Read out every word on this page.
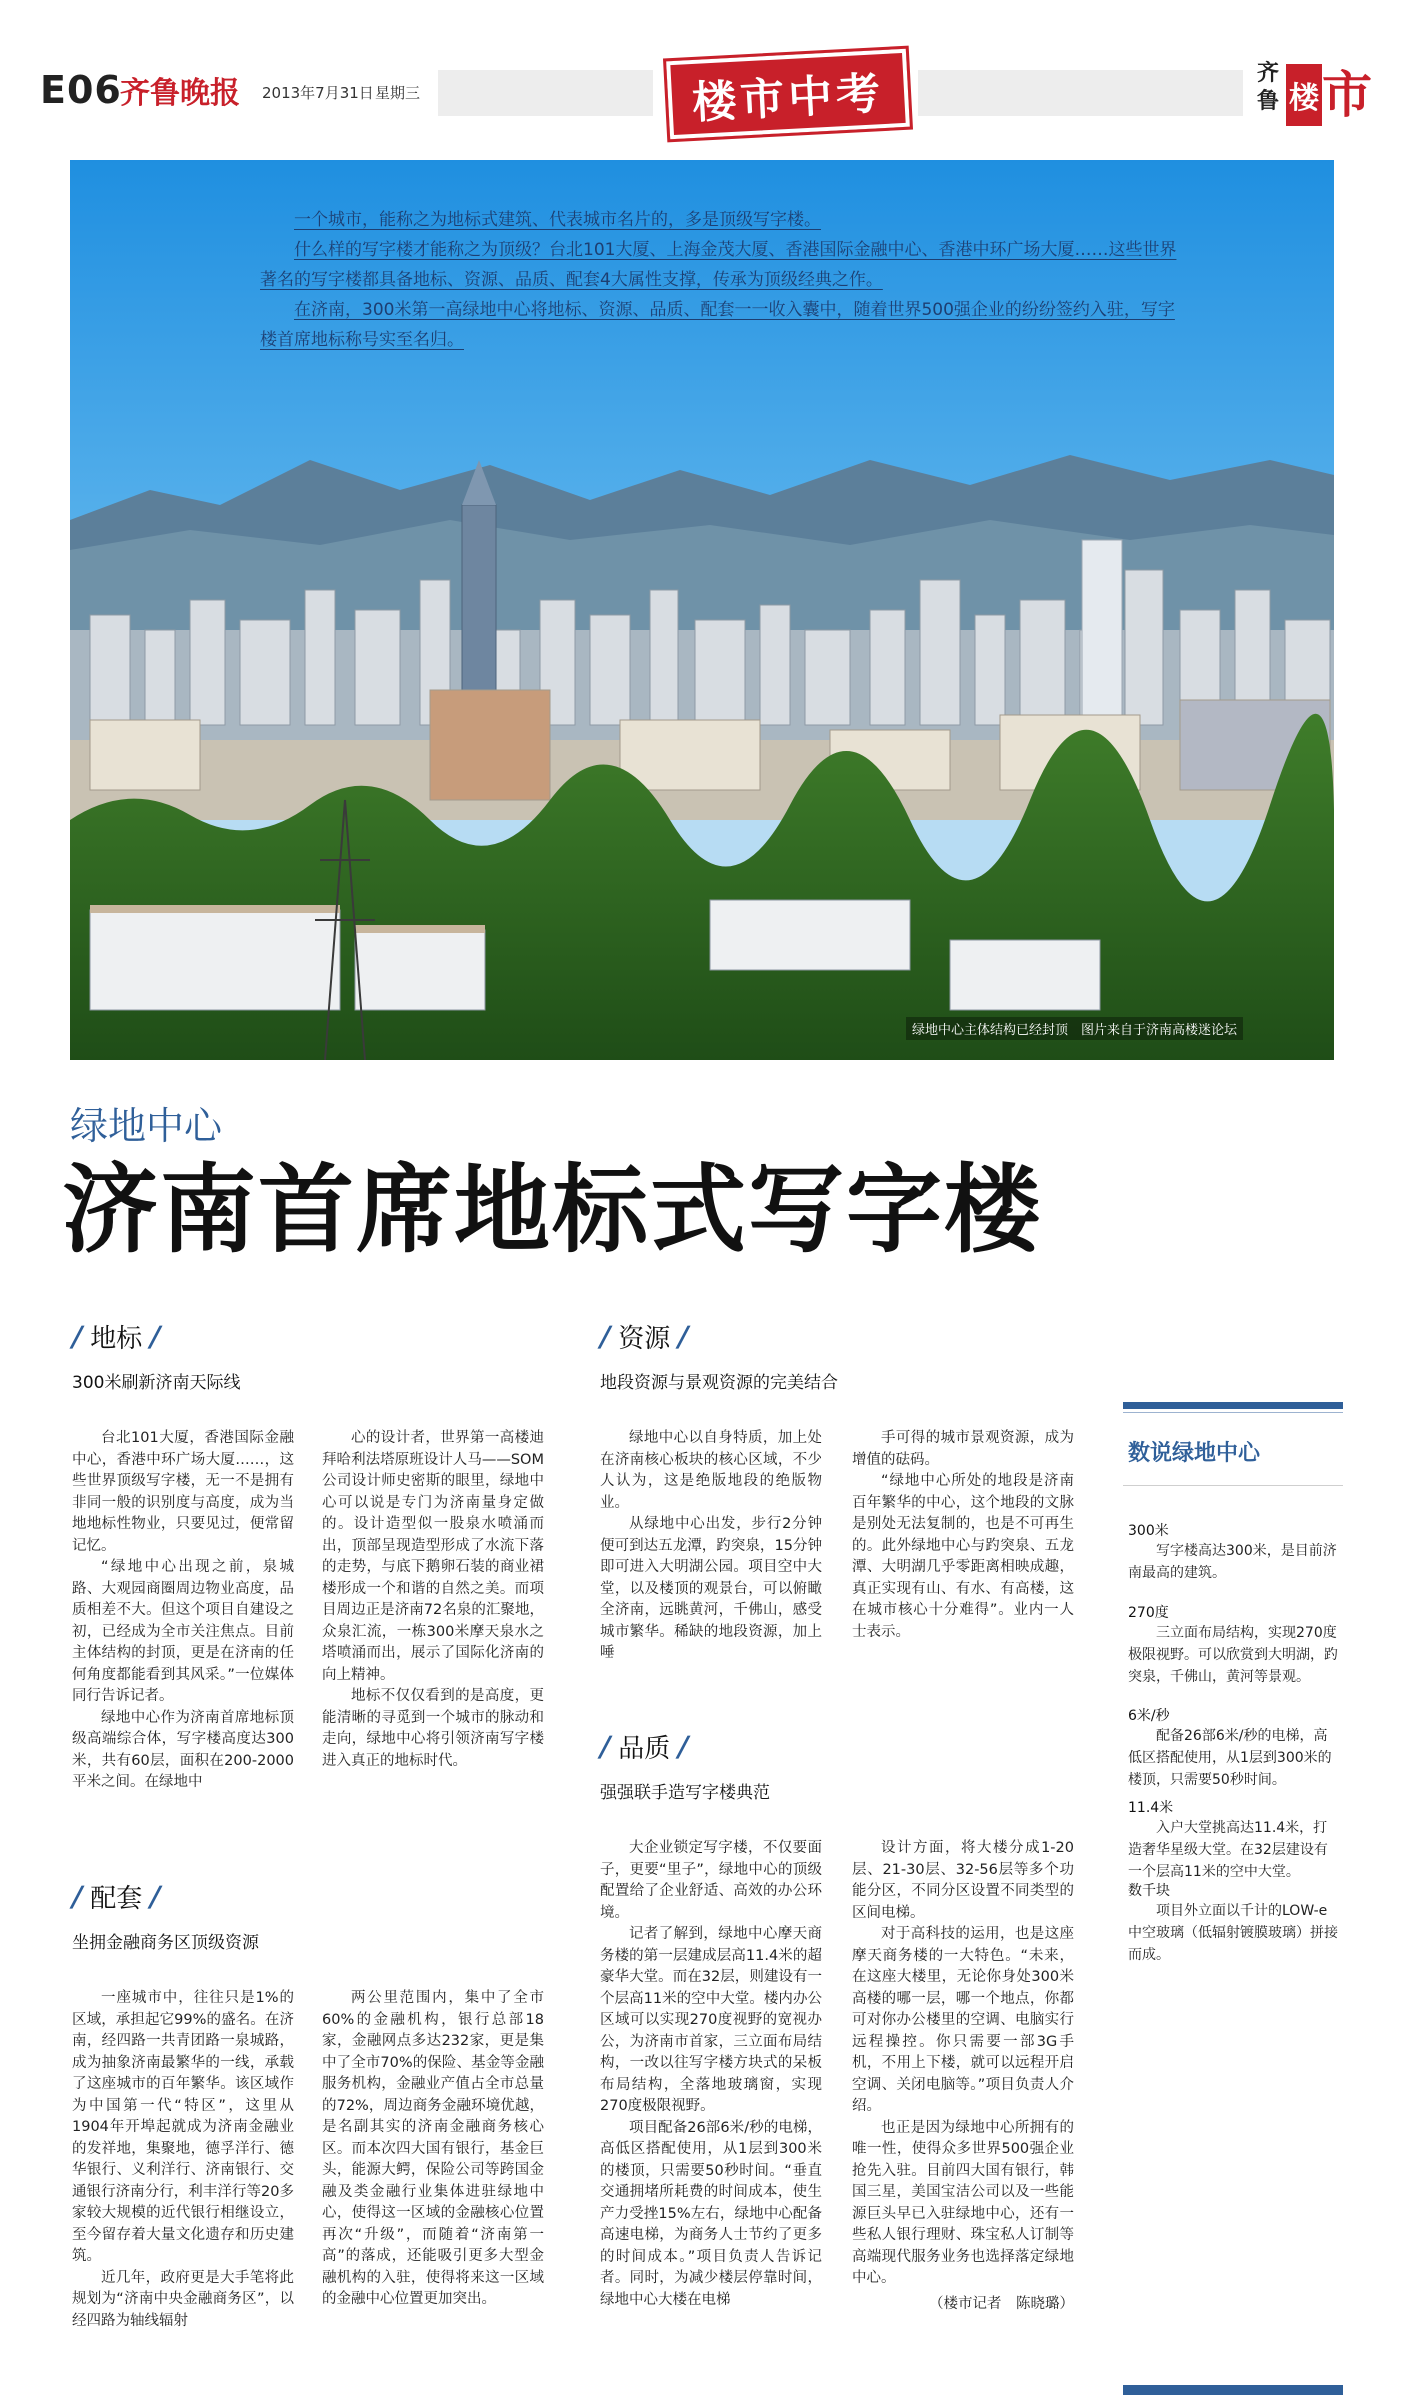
E06
齐鲁晚报 2013年7月31日 星期三	楼市中考	齐鲁 楼 市

一个城市，能称之为地标式建筑、代表城市名片的，多是顶级写字楼。

什么样的写字楼才能称之为顶级？台北101大厦、上海金茂大厦、香港国际金融中心、香港中环广场大厦……这些世界著名的写字楼都具备地标、资源、品质、配套4大属性支撑，传承为顶级经典之作。

在济南，300米第一高绿地中心将地标、资源、品质、配套一一收入囊中，随着世界500强企业的纷纷签约入驻，写字楼首席地标称号实至名归。

绿地中心主体结构已经封顶　图片来自于济南高楼迷论坛
绿地中心
济南首席地标式写字楼
/ 地标 /
300米刷新济南天际线

台北101大厦，香港国际金融中心，香港中环广场大厦……，这些世界顶级写字楼，无一不是拥有非同一般的识别度与高度，成为当地地标性物业，只要见过，便常留记忆。

“绿地中心出现之前，泉城路、大观园商圈周边物业高度，品质相差不大。但这个项目自建设之初，已经成为全市关注焦点。目前主体结构的封顶，更是在济南的任何角度都能看到其风采。”一位媒体同行告诉记者。

绿地中心作为济南首席地标顶级高端综合体，写字楼高度达300米，共有60层，面积在200-2000平米之间。在绿地中

心的设计者，世界第一高楼迪拜哈利法塔原班设计人马——SOM公司设计师史密斯的眼里，绿地中心可以说是专门为济南量身定做的。设计造型似一股泉水喷涌而出，顶部呈现造型形成了水流下落的走势，与底下鹅卵石装的商业裙楼形成一个和谐的自然之美。而项目周边正是济南72名泉的汇聚地，众泉汇流，一栋300米摩天泉水之塔喷涌而出，展示了国际化济南的向上精神。

地标不仅仅看到的是高度，更能清晰的寻觅到一个城市的脉动和走向，绿地中心将引领济南写字楼进入真正的地标时代。

/ 配套 /
坐拥金融商务区顶级资源

一座城市中，往往只是1%的区域，承担起它99%的盛名。在济南，经四路一共青团路一泉城路，成为抽象济南最繁华的一线，承载了这座城市的百年繁华。该区域作为中国第一代“特区”，这里从1904年开埠起就成为济南金融业的发祥地，集聚地，德孚洋行、德华银行、义利洋行、济南银行、交通银行济南分行，利丰洋行等20多家较大规模的近代银行相继设立，至今留存着大量文化遗存和历史建筑。

近几年，政府更是大手笔将此规划为“济南中央金融商务区”，以经四路为轴线辐射

两公里范围内，集中了全市60%的金融机构，银行总部18家，金融网点多达232家，更是集中了全市70%的保险、基金等金融服务机构，金融业产值占全市总量的72%，周边商务金融环境优越，是名副其实的济南金融商务核心区。而本次四大国有银行，基金巨头，能源大鳄，保险公司等跨国金融及类金融行业集体进驻绿地中心，使得这一区域的金融核心位置再次“升级”，而随着“济南第一高”的落成，还能吸引更多大型金融机构的入驻，使得将来这一区域的金融中心位置更加突出。

/ 资源 /
地段资源与景观资源的完美结合

绿地中心以自身特质，加上处在济南核心板块的核心区域，不少人认为，这是绝版地段的绝版物业。

从绿地中心出发，步行2分钟便可到达五龙潭，趵突泉，15分钟即可进入大明湖公园。项目空中大堂，以及楼顶的观景台，可以俯瞰全济南，远眺黄河，千佛山，感受城市繁华。稀缺的地段资源，加上唾

手可得的城市景观资源，成为增值的砝码。

“绿地中心所处的地段是济南百年繁华的中心，这个地段的文脉是别处无法复制的，也是不可再生的。此外绿地中心与趵突泉、五龙潭、大明湖几乎零距离相映成趣，真正实现有山、有水、有高楼，这在城市核心十分难得”。业内一人士表示。

/ 品质 /
强强联手造写字楼典范

大企业锁定写字楼，不仅要面子，更要“里子”，绿地中心的顶级配置给了企业舒适、高效的办公环境。

记者了解到，绿地中心摩天商务楼的第一层建成层高11.4米的超豪华大堂。而在32层，则建设有一个层高11米的空中大堂。楼内办公区域可以实现270度视野的宽视办公，为济南市首家，三立面布局结构，一改以往写字楼方块式的呆板布局结构，全落地玻璃窗，实现270度极限视野。

项目配备26部6米/秒的电梯，高低区搭配使用，从1层到300米的楼顶，只需要50秒时间。“垂直交通拥堵所耗费的时间成本，使生产力受挫15%左右，绿地中心配备高速电梯，为商务人士节约了更多的时间成本。”项目负责人告诉记者。同时，为减少楼层停靠时间，绿地中心大楼在电梯

设计方面，将大楼分成1-20层、21-30层、32-56层等多个功能分区，不同分区设置不同类型的区间电梯。

对于高科技的运用，也是这座摩天商务楼的一大特色。“未来，在这座大楼里，无论你身处300米高楼的哪一层，哪一个地点，你都可对你办公楼里的空调、电脑实行远程操控。你只需要一部3G手机，不用上下楼，就可以远程开启空调、关闭电脑等。”项目负责人介绍。

也正是因为绿地中心所拥有的唯一性，使得众多世界500强企业抢先入驻。目前四大国有银行，韩国三星，美国宝洁公司以及一些能源巨头早已入驻绿地中心，还有一些私人银行理财、珠宝私人订制等高端现代服务业务也选择落定绿地中心。

（楼市记者　陈晓璐）
数说绿地中心
300米
写字楼高达300米，是目前济南最高的建筑。
270度
三立面布局结构，实现270度极限视野。可以欣赏到大明湖，趵突泉，千佛山，黄河等景观。
6米/秒
配备26部6米/秒的电梯，高低区搭配使用，从1层到300米的楼顶，只需要50秒时间。
11.4米
入户大堂挑高达11.4米，打造奢华星级大堂。在32层建设有一个层高11米的空中大堂。
数千块
项目外立面以千计的LOW-e中空玻璃（低辐射镀膜玻璃）拼接而成。
